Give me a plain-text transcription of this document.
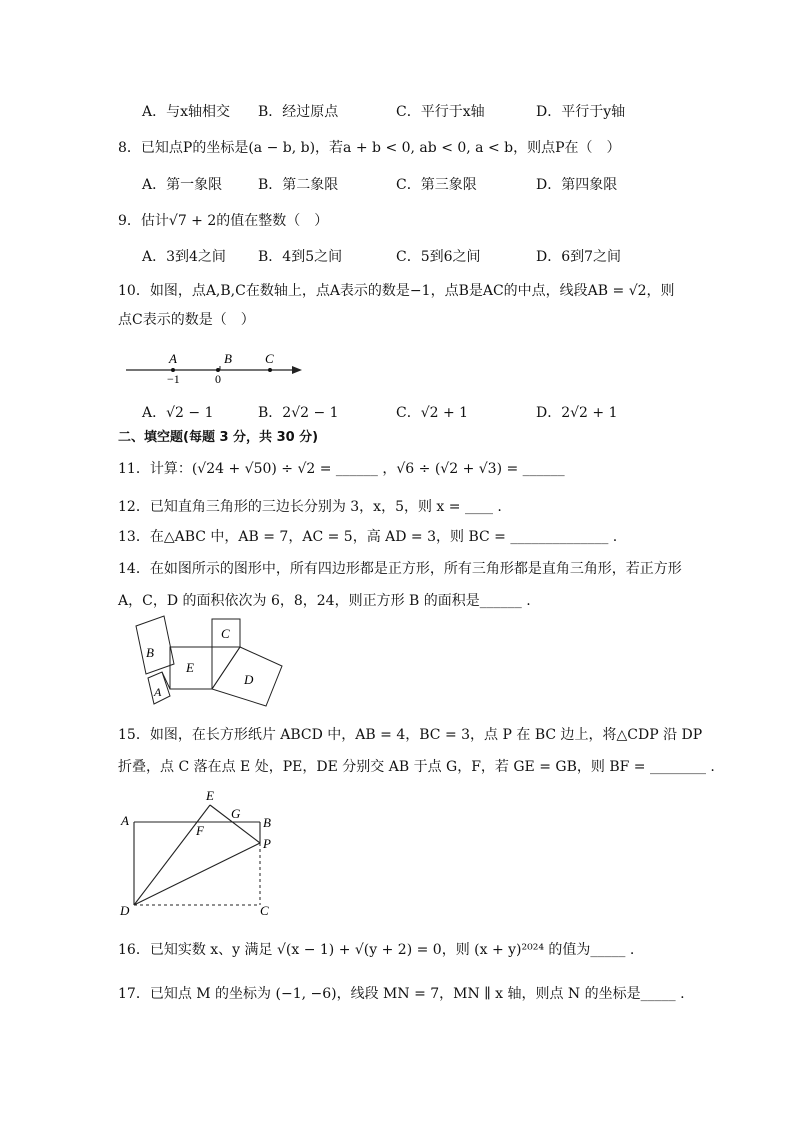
A．与x轴相交 B．经过原点	C．平行于x轴	D．平行于y轴
8．已知点P的坐标是(a − b, b)，若a + b < 0, ab < 0, a < b，则点P在（　）
A．第一象限	B．第二象限	C．第三象限	D．第四象限
9．估计√7 + 2的值在整数（　）
A．3到4之间 B．4到5之间	C．5到6之间	D．6到7之间
10．如图，点A,B,C在数轴上，点A表示的数是−1，点B是AC的中点，线段AB = √2，则
点C表示的数是（　）
A	B	C
−1	0
A．√2 − 1	B．2√2 − 1	C．√2 + 1	D．2√2 + 1
二、填空题(每题 3 分，共 30 分)
11．计算：(√24 + √50) ÷ √2 = ______ ，√6 ÷ (√2 + √3) = ______
12．已知直角三角形的三边长分别为 3，x，5，则 x = ____ .
13．在△ABC 中，AB = 7，AC = 5，高 AD = 3，则 BC = ______________ .
14．在如图所示的图形中，所有四边形都是正方形，所有三角形都是直角三角形，若正方形
A，C，D 的面积依次为 6，8，24，则正方形 B 的面积是______ .
B
E
C
D
A
15．如图，在长方形纸片 ABCD 中，AB = 4，BC = 3，点 P 在 BC 边上，将△CDP 沿 DP
折叠，点 C 落在点 E 处，PE，DE 分别交 AB 于点 G，F，若 GE = GB，则 BF = ________ .
E
G
A	B
F
P
D	C
16．已知实数 x、y 满足 √(x − 1) + √(y + 2) = 0，则 (x + y)²⁰²⁴ 的值为_____ .
17．已知点 M 的坐标为 (−1, −6)，线段 MN = 7，MN ∥ x 轴，则点 N 的坐标是_____ .
